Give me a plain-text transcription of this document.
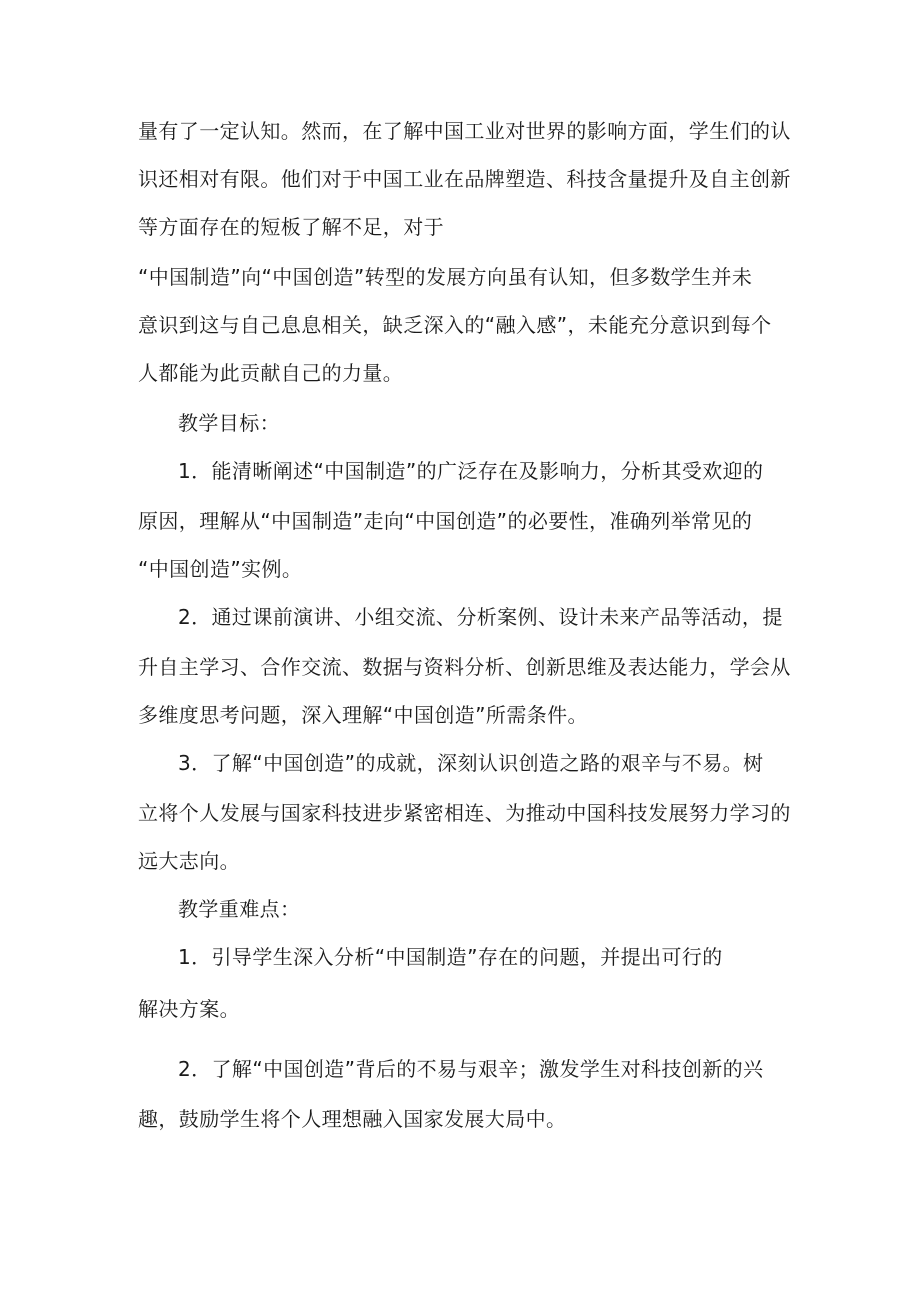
量有了一定认知。然而，在了解中国工业对世界的影响方面，学生们的认
识还相对有限。他们对于中国工业在品牌塑造、科技含量提升及自主创新
等方面存在的短板了解不足，对于
“中国制造”向“中国创造”转型的发展方向虽有认知，但多数学生并未
意识到这与自己息息相关，缺乏深入的“融入感”，未能充分意识到每个
人都能为此贡献自己的力量。
教学目标：
1．能清晰阐述“中国制造”的广泛存在及影响力，分析其受欢迎的
原因，理解从“中国制造”走向“中国创造”的必要性，准确列举常见的
“中国创造”实例。
2．通过课前演讲、小组交流、分析案例、设计未来产品等活动，提
升自主学习、合作交流、数据与资料分析、创新思维及表达能力，学会从
多维度思考问题，深入理解“中国创造”所需条件。
3．了解“中国创造”的成就，深刻认识创造之路的艰辛与不易。树
立将个人发展与国家科技进步紧密相连、为推动中国科技发展努力学习的
远大志向。
教学重难点：
1．引导学生深入分析“中国制造”存在的问题，并提出可行的
解决方案。
2．了解“中国创造”背后的不易与艰辛；激发学生对科技创新的兴
趣，鼓励学生将个人理想融入国家发展大局中。
